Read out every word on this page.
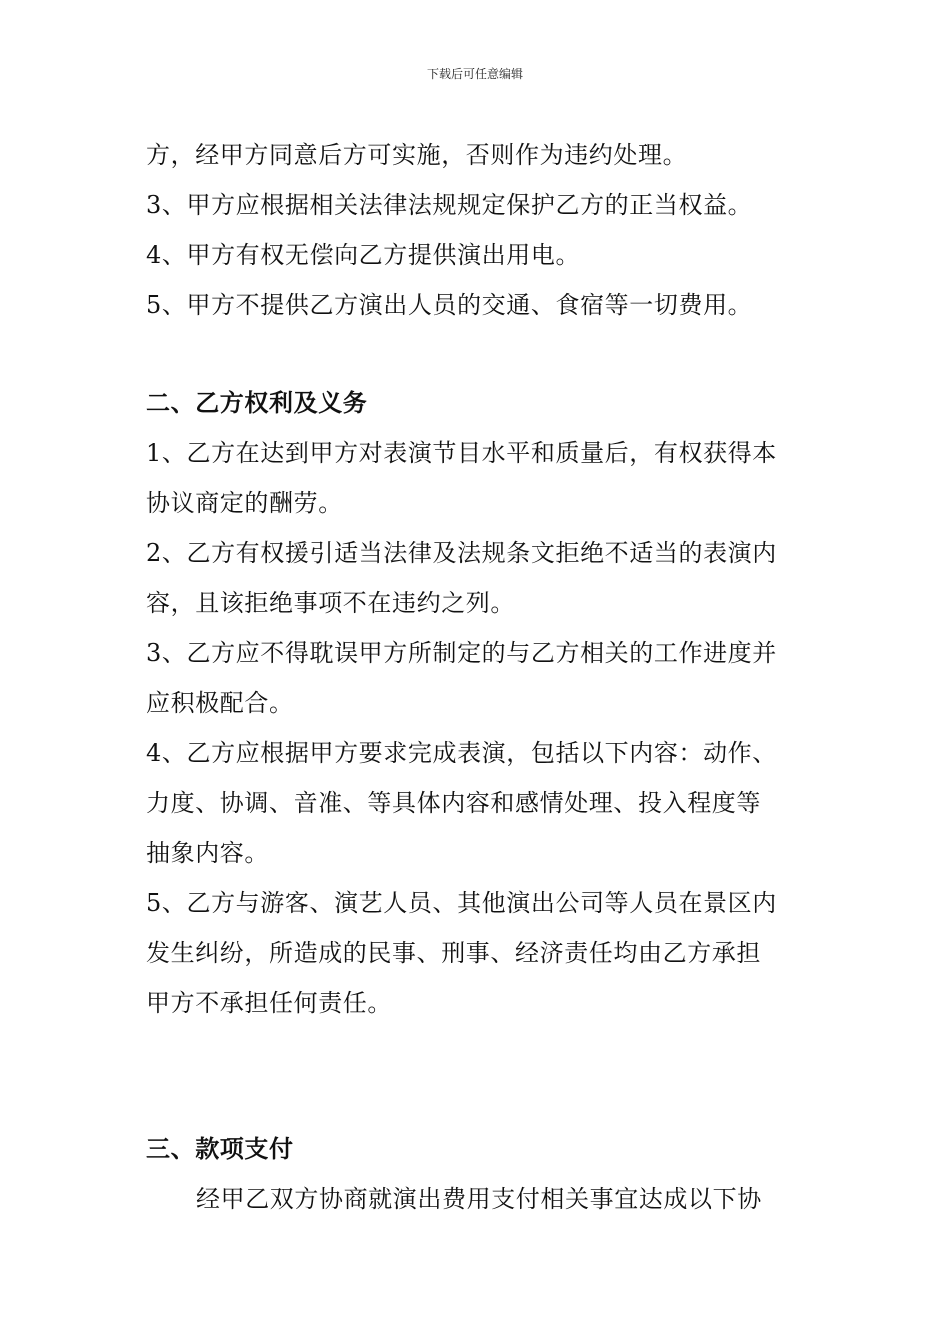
下载后可任意编辑
方，经甲方同意后方可实施，否则作为违约处理。
3、甲方应根据相关法律法规规定保护乙方的正当权益。
4、甲方有权无偿向乙方提供演出用电。
5、甲方不提供乙方演出人员的交通、食宿等一切费用。
二、乙方权利及义务
1、乙方在达到甲方对表演节目水平和质量后，有权获得本
协议商定的酬劳。
2、乙方有权援引适当法律及法规条文拒绝不适当的表演内
容，且该拒绝事项不在违约之列。
3、乙方应不得耽误甲方所制定的与乙方相关的工作进度并
应积极配合。
4、乙方应根据甲方要求完成表演，包括以下内容：动作、
力度、协调、音准、等具体内容和感情处理、投入程度等
抽象内容。
5、乙方与游客、演艺人员、其他演出公司等人员在景区内
发生纠纷，所造成的民事、刑事、经济责任均由乙方承担
甲方不承担任何责任。
三、款项支付
经甲乙双方协商就演出费用支付相关事宜达成以下协
